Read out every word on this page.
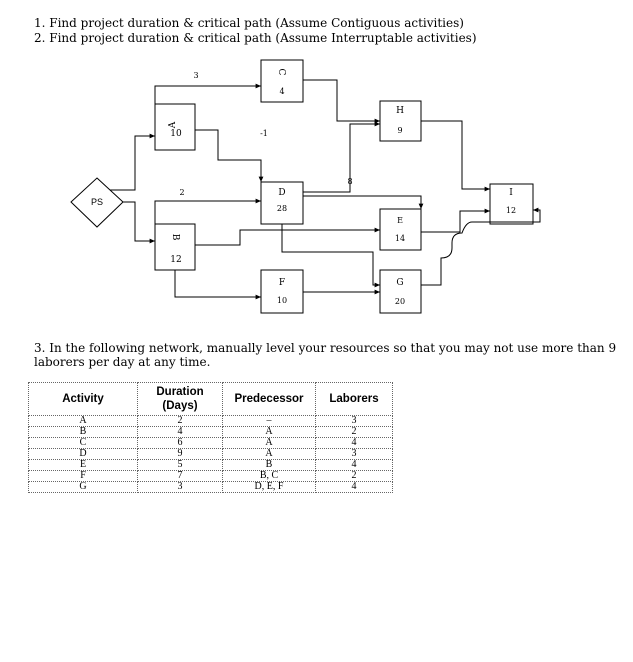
1. Find project duration & critical path (Assume Contiguous activities)

2. Find project duration & critical path (Assume Interruptable activities)

PS
A
10
B
12
C
4
D
28
F
10
H
9
E
14
G
20
I
12
3
2
-1
8

3. In the following network, manually level your resources so that you may not use more than 9 laborers per day at any time.

Activity	Duration (Days)	Predecessor	Laborers
A	2	–	3
B	4	A	2
C	6	A	4
D	9	A	3
E	5	B	4
F	7	B, C	2
G	3	D, E, F	4
